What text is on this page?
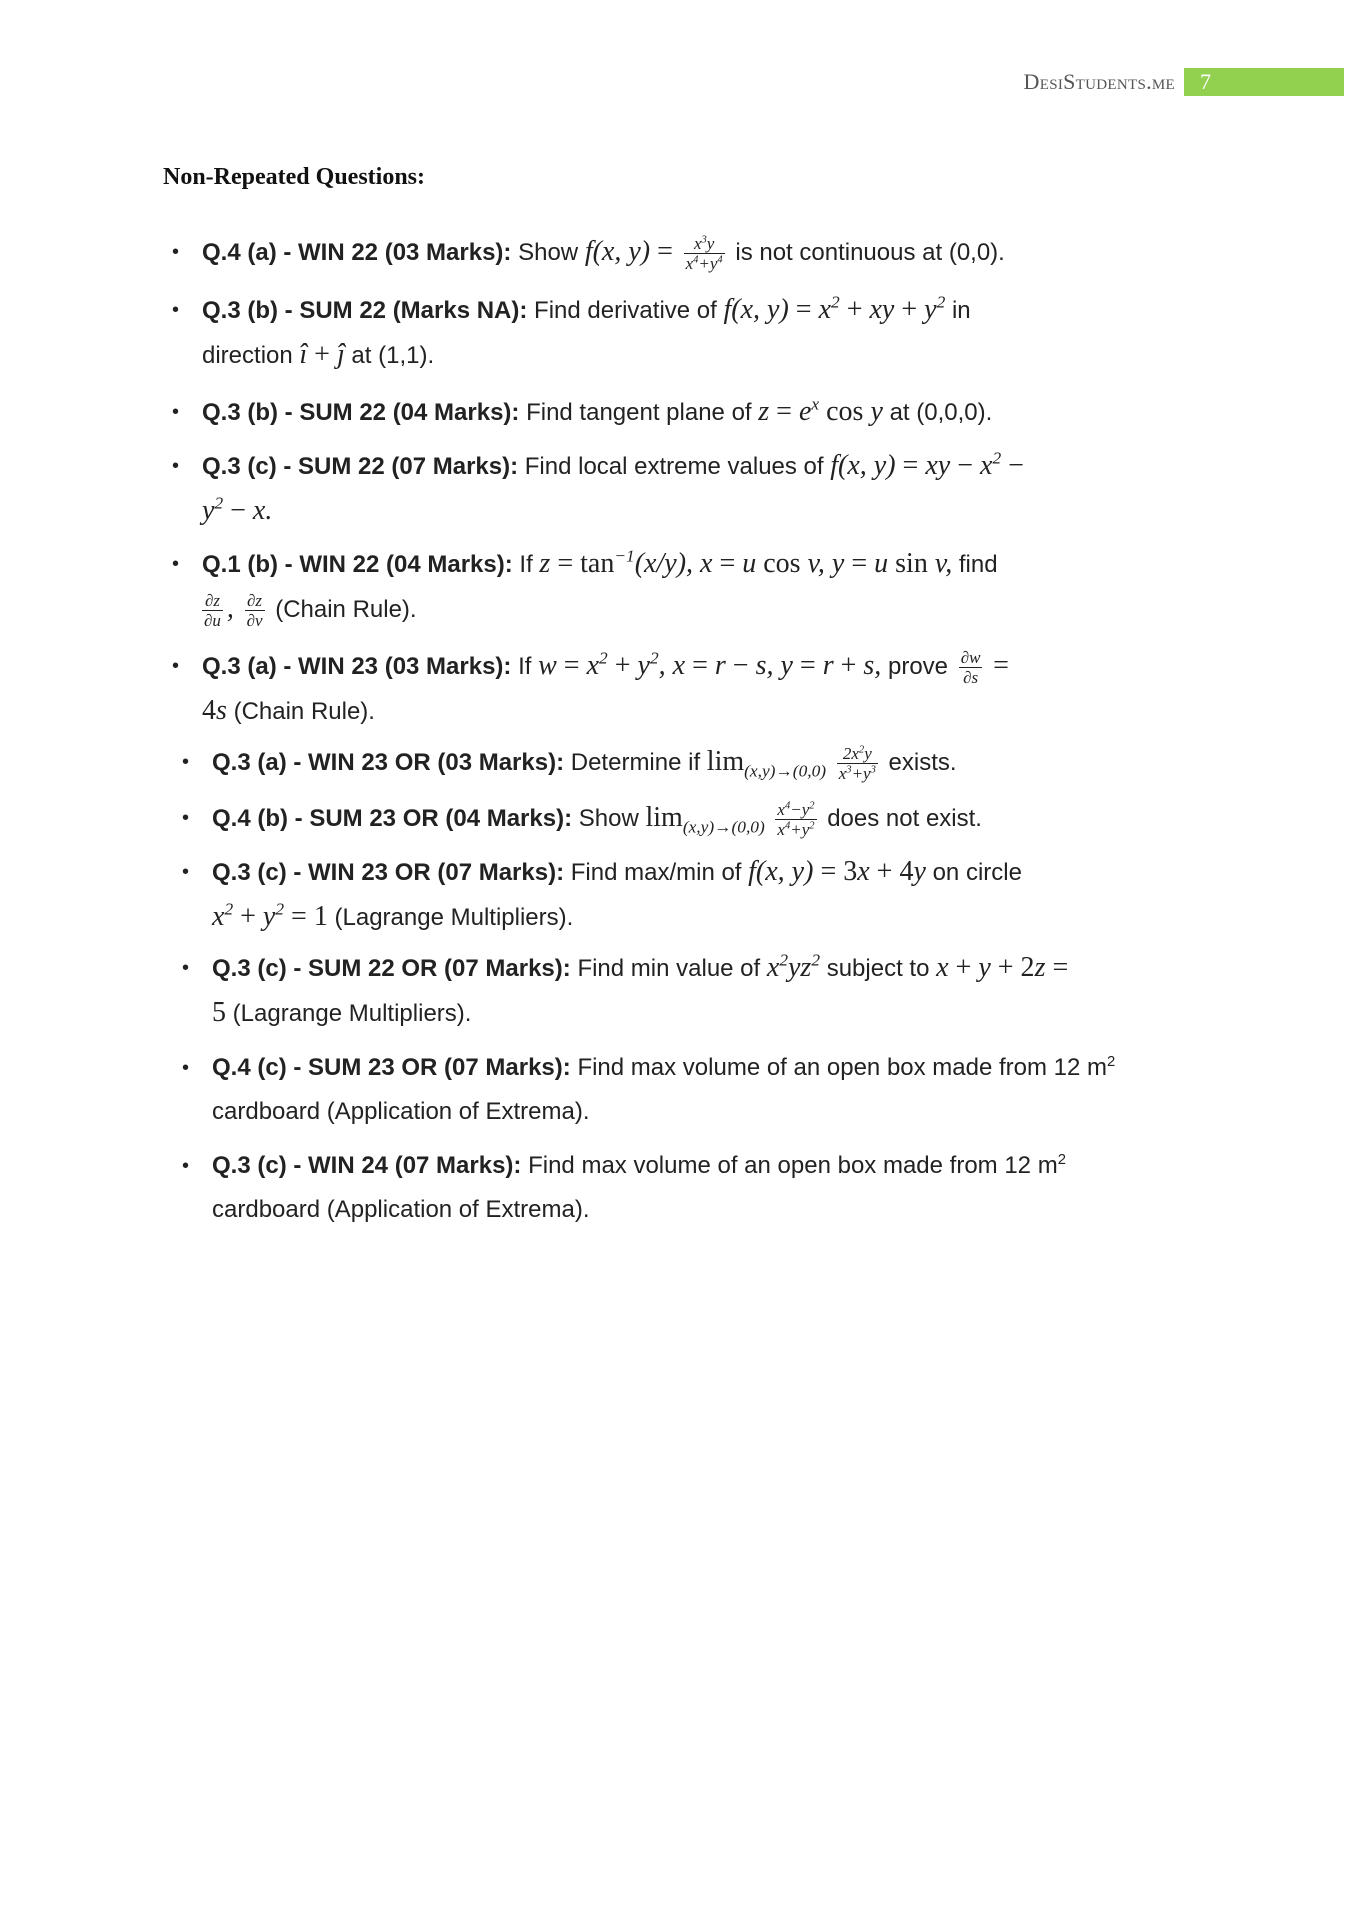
DesiStudents.me	7
Non-Repeated Questions:
• Q.4 (a) - WIN 22 (03 Marks): Show f(x, $y) = \frac{x^3y}{x^4+y^4}$ is not continuous at (0,0).
• Q.3 (b) - SUM 22 (Marks NA): Find derivative of f(x, $y) = x^2$ + xy + $y^2$ in
direction î + ĵ at (1,1).
• Q.3 (b) - SUM 22 (04 Marks): Find tangent plane of $z = e^x$ cos y at (0,0,0).
• Q.3 (c) - SUM 22 (07 Marks): Find local extreme values of f(x, y) = xy − $x^2$ −
$y^2 - x$.
• Q.1 (b) - WIN 22 (04 Marks): If $z = \tan^{-1}(x/y)$, x = u cos v, y = u sin v, find

$\frac{\partial z}{\partial u}$ , $\frac{\partial z}{\partial v}$ (Chain Rule).
• Q.3 (a) - WIN 23 (03 Marks): If $w = x^2 + y^2$, x = r − s, y = r + s, prove $\frac{\partial w}{\partial s}$ =
4s (Chain Rule).
• Q.3 (a) - WIN 23 OR (03 Marks): Determine if $\lim_{(x,y)\to(0,0)} \frac{2x^2y}{x^3+y^3}$ exists.
• Q.4 (b) - SUM 23 OR (04 Marks): Show $\lim_{(x,y)\to(0,0)} \frac{x^4-y^2}{x^4+y^2}$ does not exist.
• Q.3 (c) - WIN 23 OR (07 Marks): Find max/min of f(x, y) = 3x + 4y on circle
$x^2 + y^2 = 1$ (Lagrange Multipliers).
• Q.3 (c) - SUM 22 OR (07 Marks): Find min value of $x^2yz^2$ subject to x + y + 2z =
5 (Lagrange Multipliers).
• Q.4 (c) - SUM 23 OR (07 Marks): Find max volume of an open box made from 12 $m^2$
cardboard (Application of Extrema).
• Q.3 (c) - WIN 24 (07 Marks): Find max volume of an open box made from 12 $m^2$
cardboard (Application of Extrema).
